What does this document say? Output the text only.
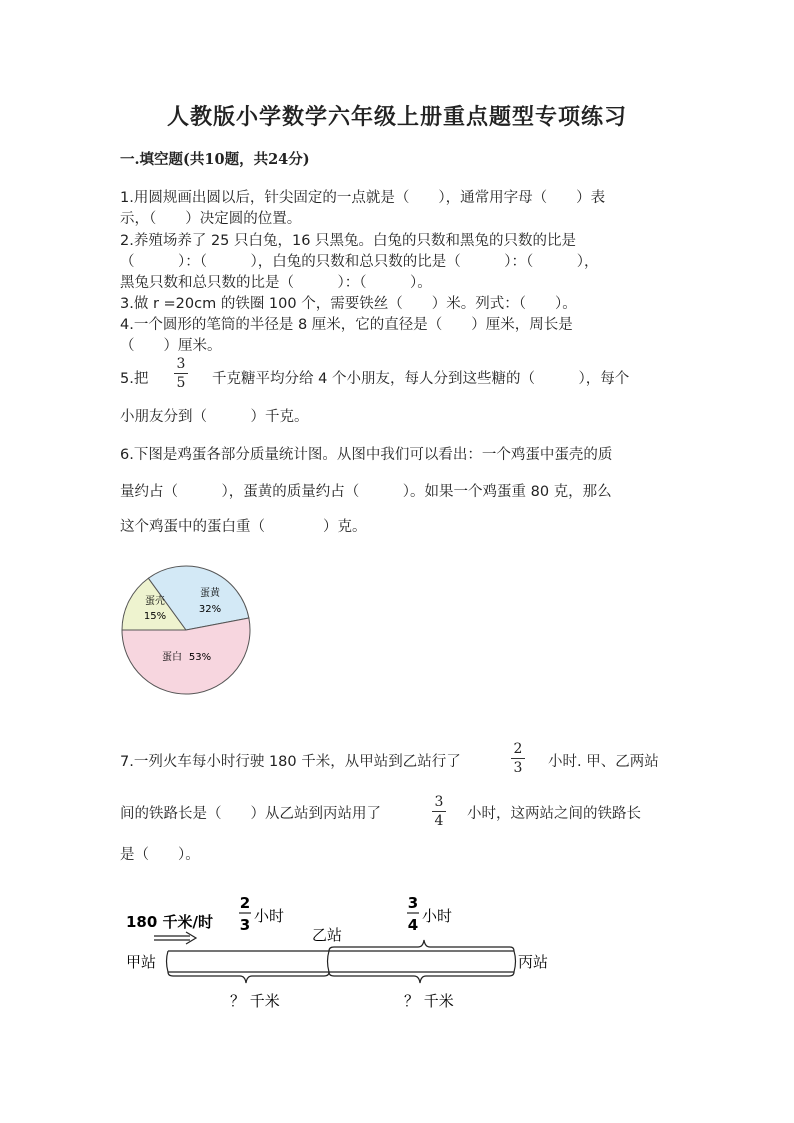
人教版小学数学六年级上册重点题型专项练习
一.填空题(共10题，共24分)
1.用圆规画出圆以后，针尖固定的一点就是（　　），通常用字母（　　）表
示，（　　）决定圆的位置。
2.养殖场养了 25 只白兔，16 只黑兔。白兔的只数和黑兔的只数的比是
（　　　）：（　　　），白兔的只数和总只数的比是（　　　）：（　　　），
黑兔只数和总只数的比是（　　　）：（　　　）。
3.做 r =20cm 的铁圈 100 个，需要铁丝（　　）米。列式：（　　）。
4.一个圆形的笔筒的半径是 8 厘米，它的直径是（　　）厘米，周长是
（　　）厘米。
5.把
3
5 千克糖平均分给 4 个小朋友，每人分到这些糖的（　　　），每个
小朋友分到（　　　）千克。
6.下图是鸡蛋各部分质量统计图。从图中我们可以看出：一个鸡蛋中蛋壳的质
量约占（　　　），蛋黄的质量约占（　　　）。如果一个鸡蛋重 80 克，那么
这个鸡蛋中的蛋白重（　　　　）克。
蛋壳
15%
蛋黄
32%
蛋白 53%
7.一列火车每小时行驶 180 千米，从甲站到乙站行了
2
3 小时. 甲、乙两站
间的铁路长是（　　）从乙站到丙站用了
3
4 小时，这两站之间的铁路长
是（　　）。
180 千米/时
2
3 小时
3
4 小时
乙站
甲站	丙站
？ 千米	？ 千米
